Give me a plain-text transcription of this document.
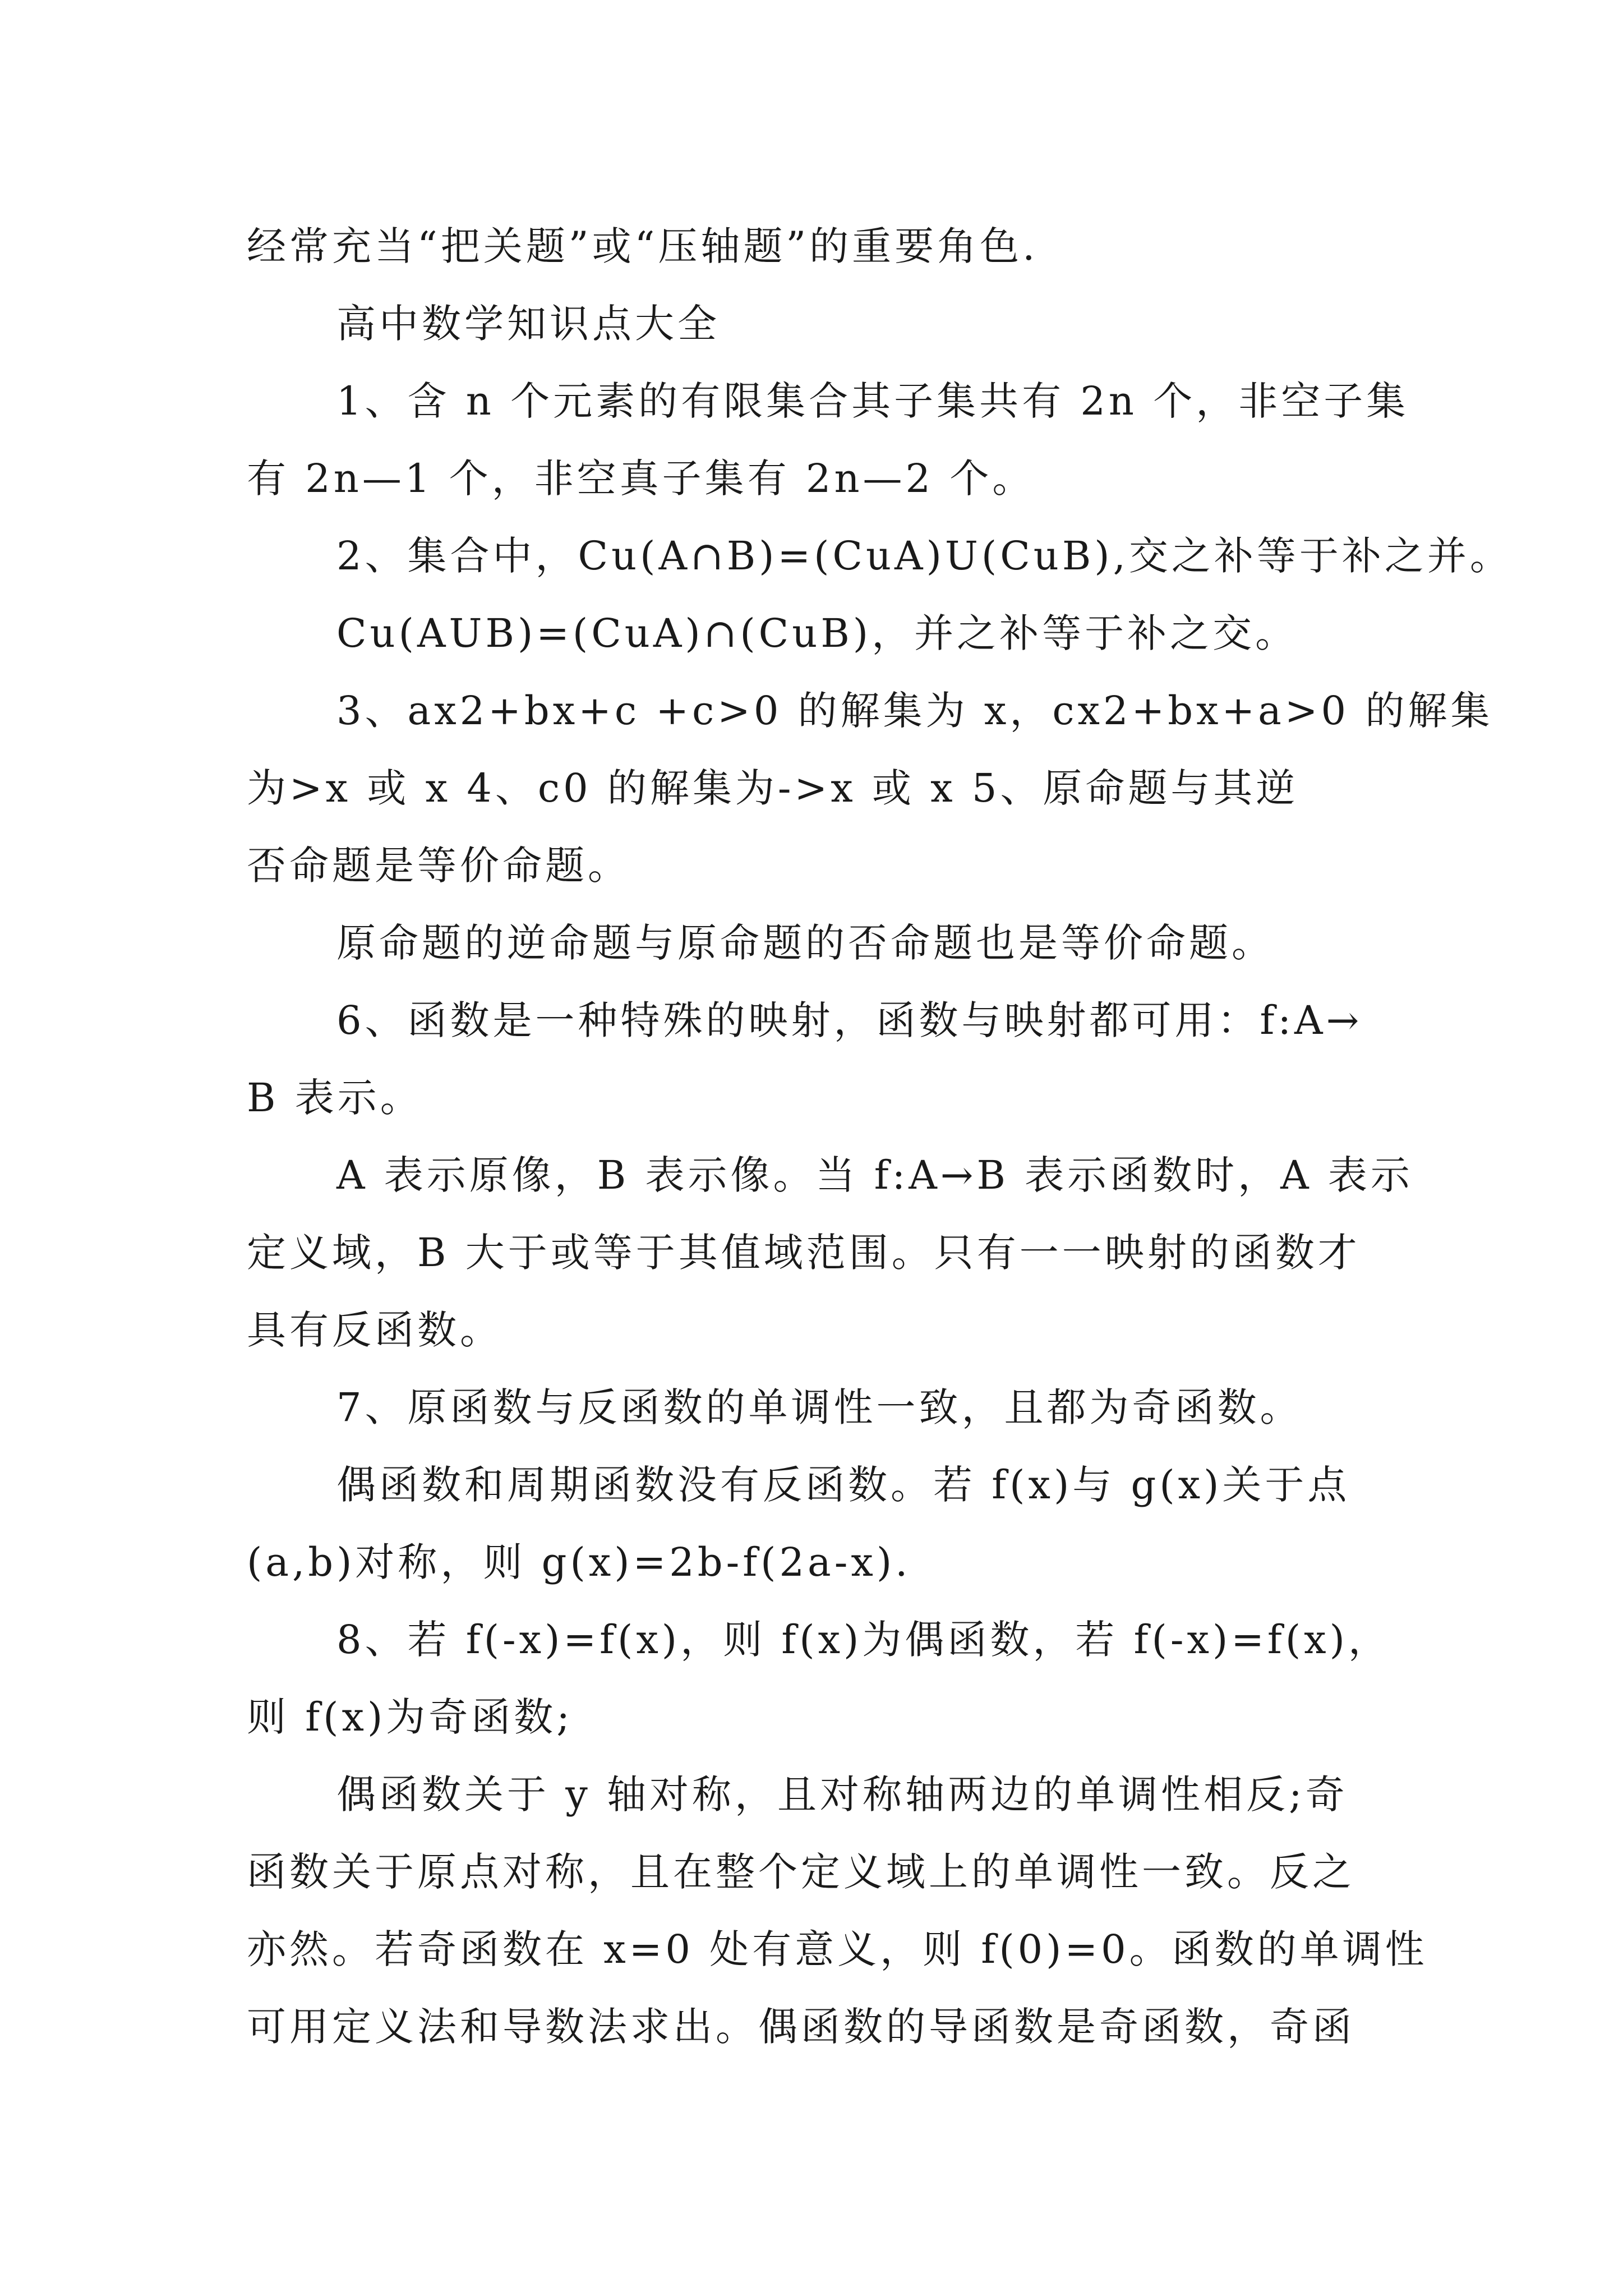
经常充当“把关题”或“压轴题”的重要角色.
高中数学知识点大全
1、含 n 个元素的有限集合其子集共有 2n 个，非空子集
有 2n—1 个，非空真子集有 2n—2 个。
2、集合中，Cu(A∩B)=(CuA)U(CuB),交之补等于补之并。
Cu(AUB)=(CuA)∩(CuB)，并之补等于补之交。
3、ax2+bx+c +c>0 的解集为 x，cx2+bx+a>0 的解集
为>x 或 x 4、c0 的解集为->x 或 x 5、原命题与其逆
否命题是等价命题。
原命题的逆命题与原命题的否命题也是等价命题。
6、函数是一种特殊的映射，函数与映射都可用：f:A→
B 表示。
A 表示原像，B 表示像。当 f:A→B 表示函数时，A 表示
定义域，B 大于或等于其值域范围。只有一一映射的函数才
具有反函数。
7、原函数与反函数的单调性一致，且都为奇函数。
偶函数和周期函数没有反函数。若 f(x)与 g(x)关于点
(a,b)对称，则 g(x)=2b-f(2a-x).
8、若 f(-x)=f(x)，则 f(x)为偶函数，若 f(-x)=f(x)，
则 f(x)为奇函数;
偶函数关于 y 轴对称，且对称轴两边的单调性相反;奇
函数关于原点对称，且在整个定义域上的单调性一致。反之
亦然。若奇函数在 x=0 处有意义，则 f(0)=0。函数的单调性
可用定义法和导数法求出。偶函数的导函数是奇函数，奇函
